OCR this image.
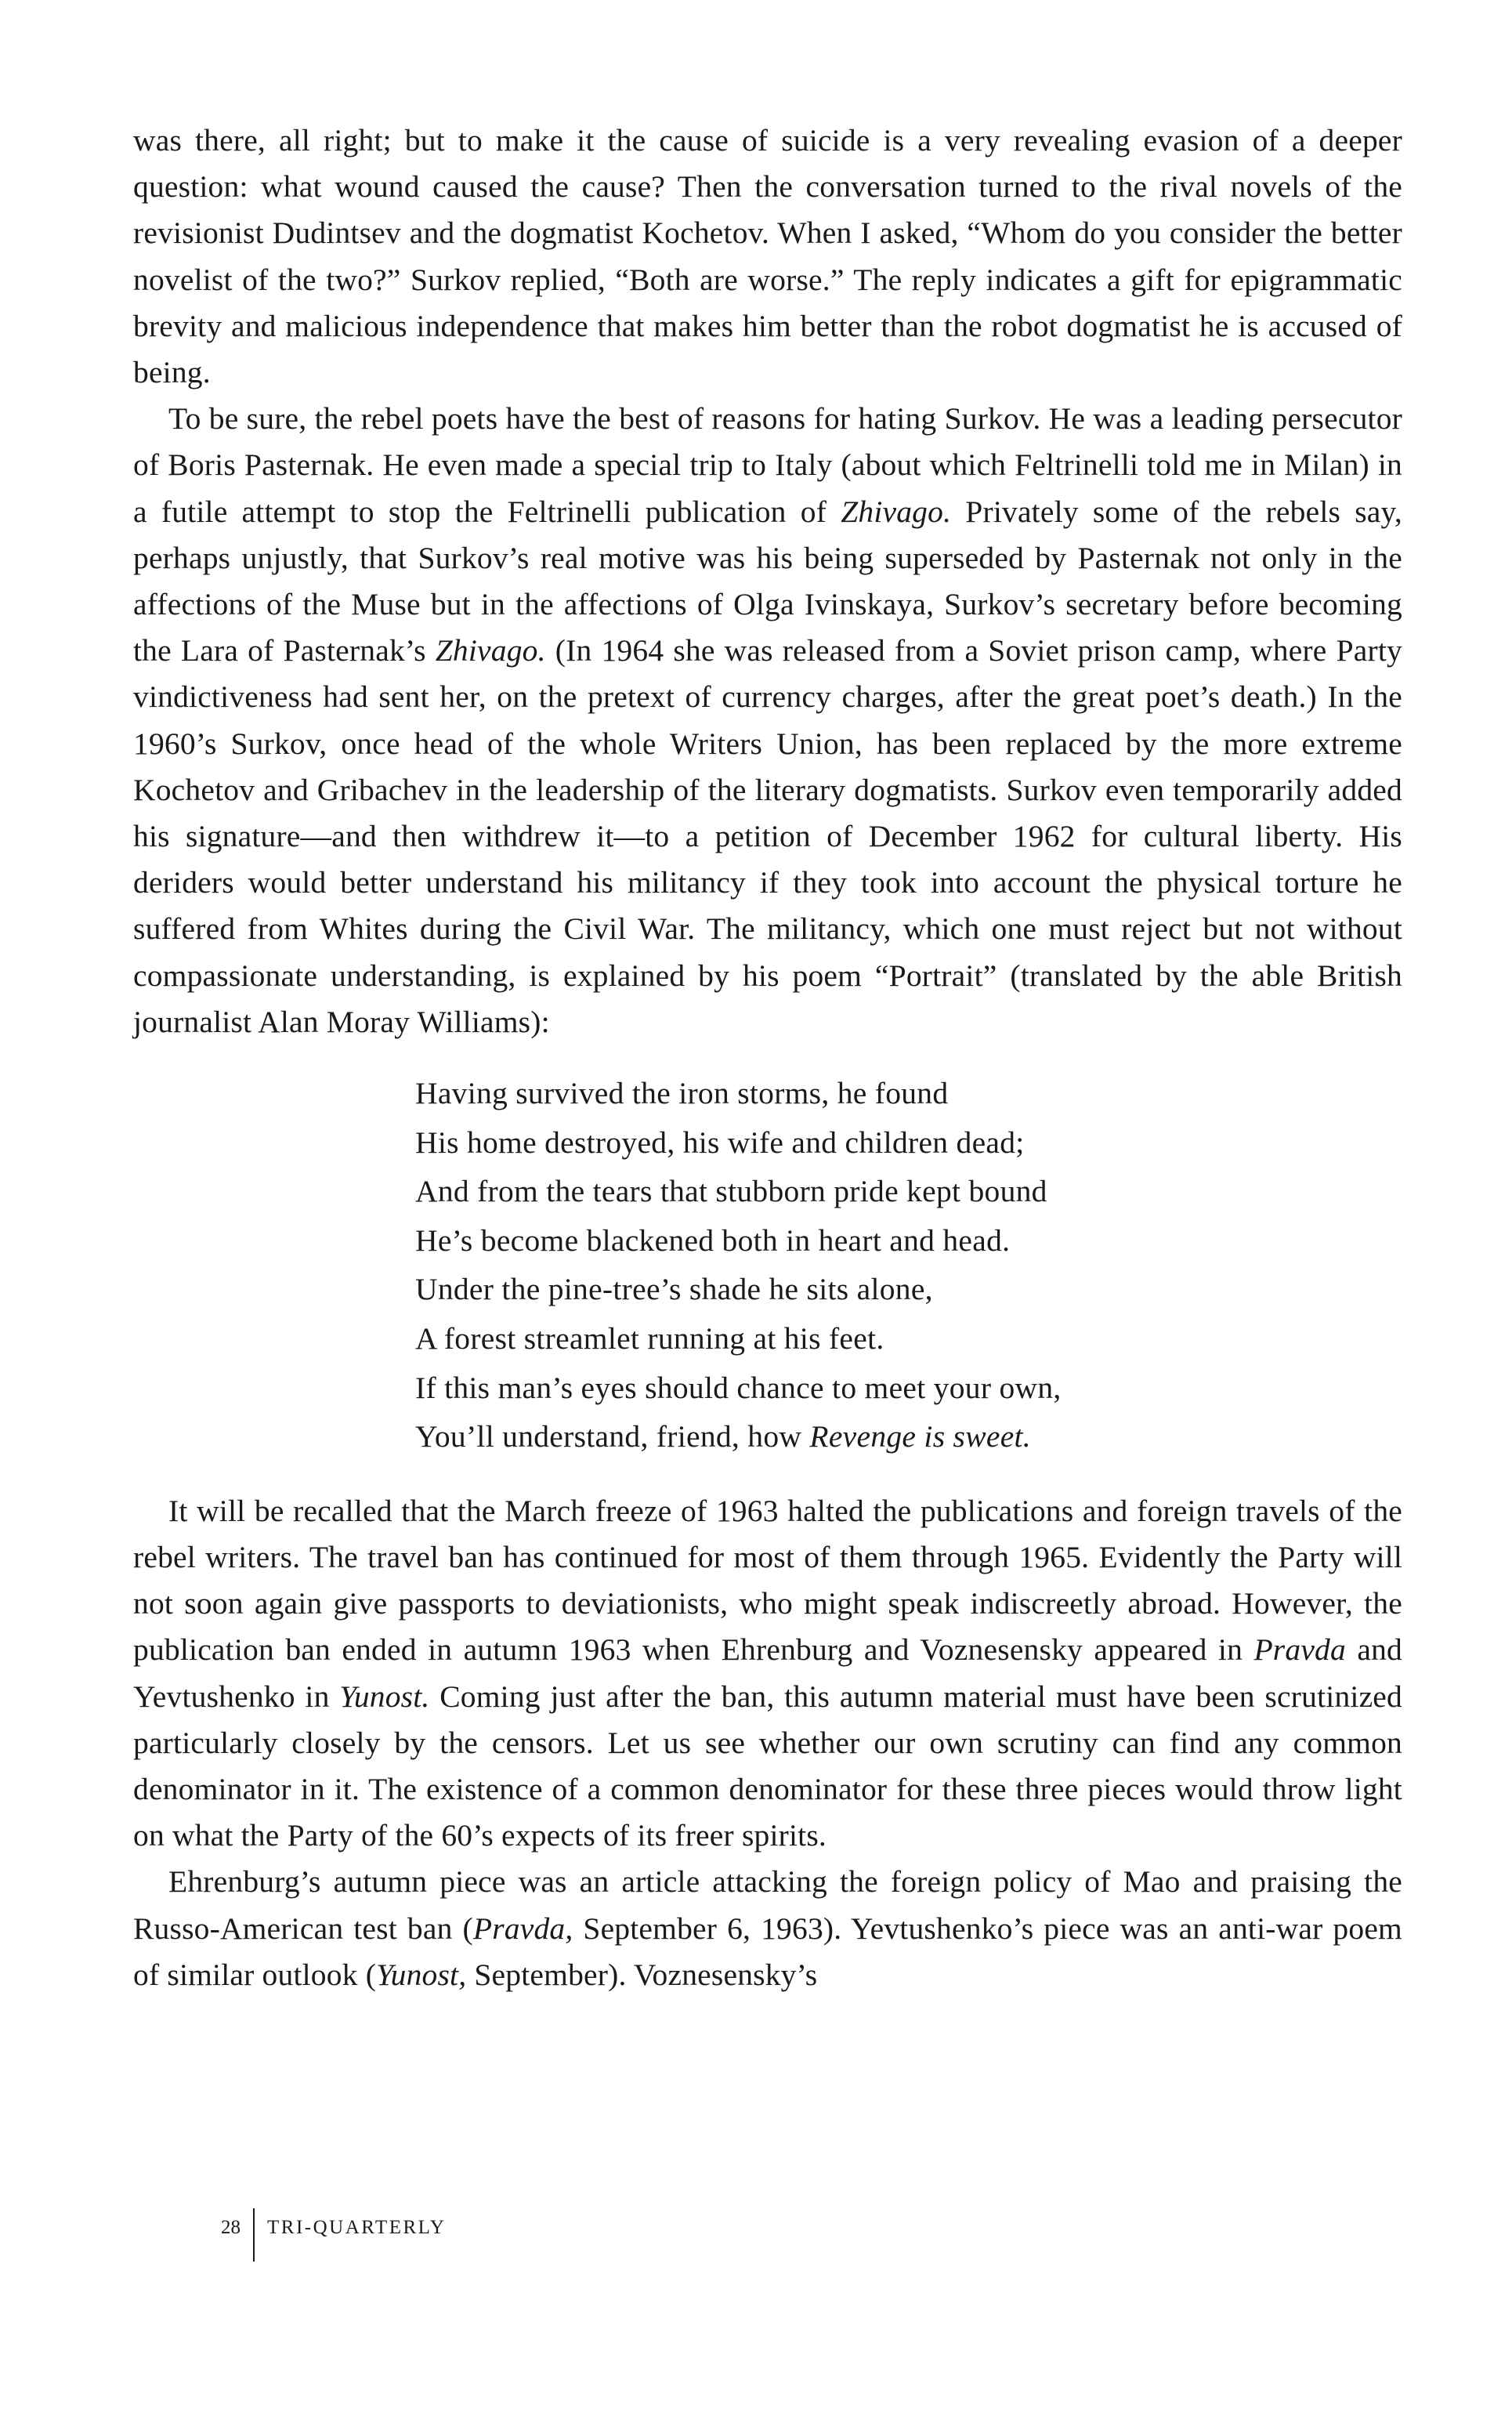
was there, all right; but to make it the cause of suicide is a very revealing evasion of a deeper question: what wound caused the cause? Then the conversation turned to the rival novels of the revisionist Dudintsev and the dogmatist Kochetov. When I asked, “Whom do you consider the better novelist of the two?” Surkov replied, “Both are worse.” The reply indicates a gift for epigrammatic brevity and malicious independence that makes him better than the robot dogmatist he is accused of being.

To be sure, the rebel poets have the best of reasons for hating Surkov. He was a leading persecutor of Boris Pasternak. He even made a special trip to Italy (about which Feltrinelli told me in Milan) in a futile attempt to stop the Feltrinelli publication of Zhivago. Privately some of the rebels say, perhaps unjustly, that Surkov’s real motive was his being superseded by Pasternak not only in the affections of the Muse but in the affections of Olga Ivinskaya, Surkov’s secretary before becoming the Lara of Pasternak’s Zhivago. (In 1964 she was released from a Soviet prison camp, where Party vindictiveness had sent her, on the pretext of currency charges, after the great poet’s death.) In the 1960’s Surkov, once head of the whole Writers Union, has been replaced by the more extreme Kochetov and Gribachev in the leadership of the literary dogmatists. Surkov even temporarily added his signature—and then withdrew it—to a petition of December 1962 for cultural liberty. His deriders would better understand his militancy if they took into account the physical torture he suffered from Whites during the Civil War. The militancy, which one must reject but not without compassionate understanding, is explained by his poem “Portrait” (translated by the able British journalist Alan Moray Williams):

Having survived the iron storms, he found
His home destroyed, his wife and children dead;
And from the tears that stubborn pride kept bound
He’s become blackened both in heart and head.
Under the pine-tree’s shade he sits alone,
A forest streamlet running at his feet.
If this man’s eyes should chance to meet your own,
You’ll understand, friend, how Revenge is sweet.

It will be recalled that the March freeze of 1963 halted the publications and foreign travels of the rebel writers. The travel ban has continued for most of them through 1965. Evidently the Party will not soon again give passports to deviationists, who might speak indiscreetly abroad. However, the publication ban ended in autumn 1963 when Ehrenburg and Voznesensky appeared in Pravda and Yevtushenko in Yunost. Coming just after the ban, this autumn material must have been scrutinized particularly closely by the censors. Let us see whether our own scrutiny can find any common denominator in it. The existence of a common denominator for these three pieces would throw light on what the Party of the 60’s expects of its freer spirits.

Ehrenburg’s autumn piece was an article attacking the foreign policy of Mao and praising the Russo-American test ban (Pravda, September 6, 1963). Yevtushenko’s piece was an anti-war poem of similar outlook (Yunost, September). Voznesensky’s

28	TRI-QUARTERLY
